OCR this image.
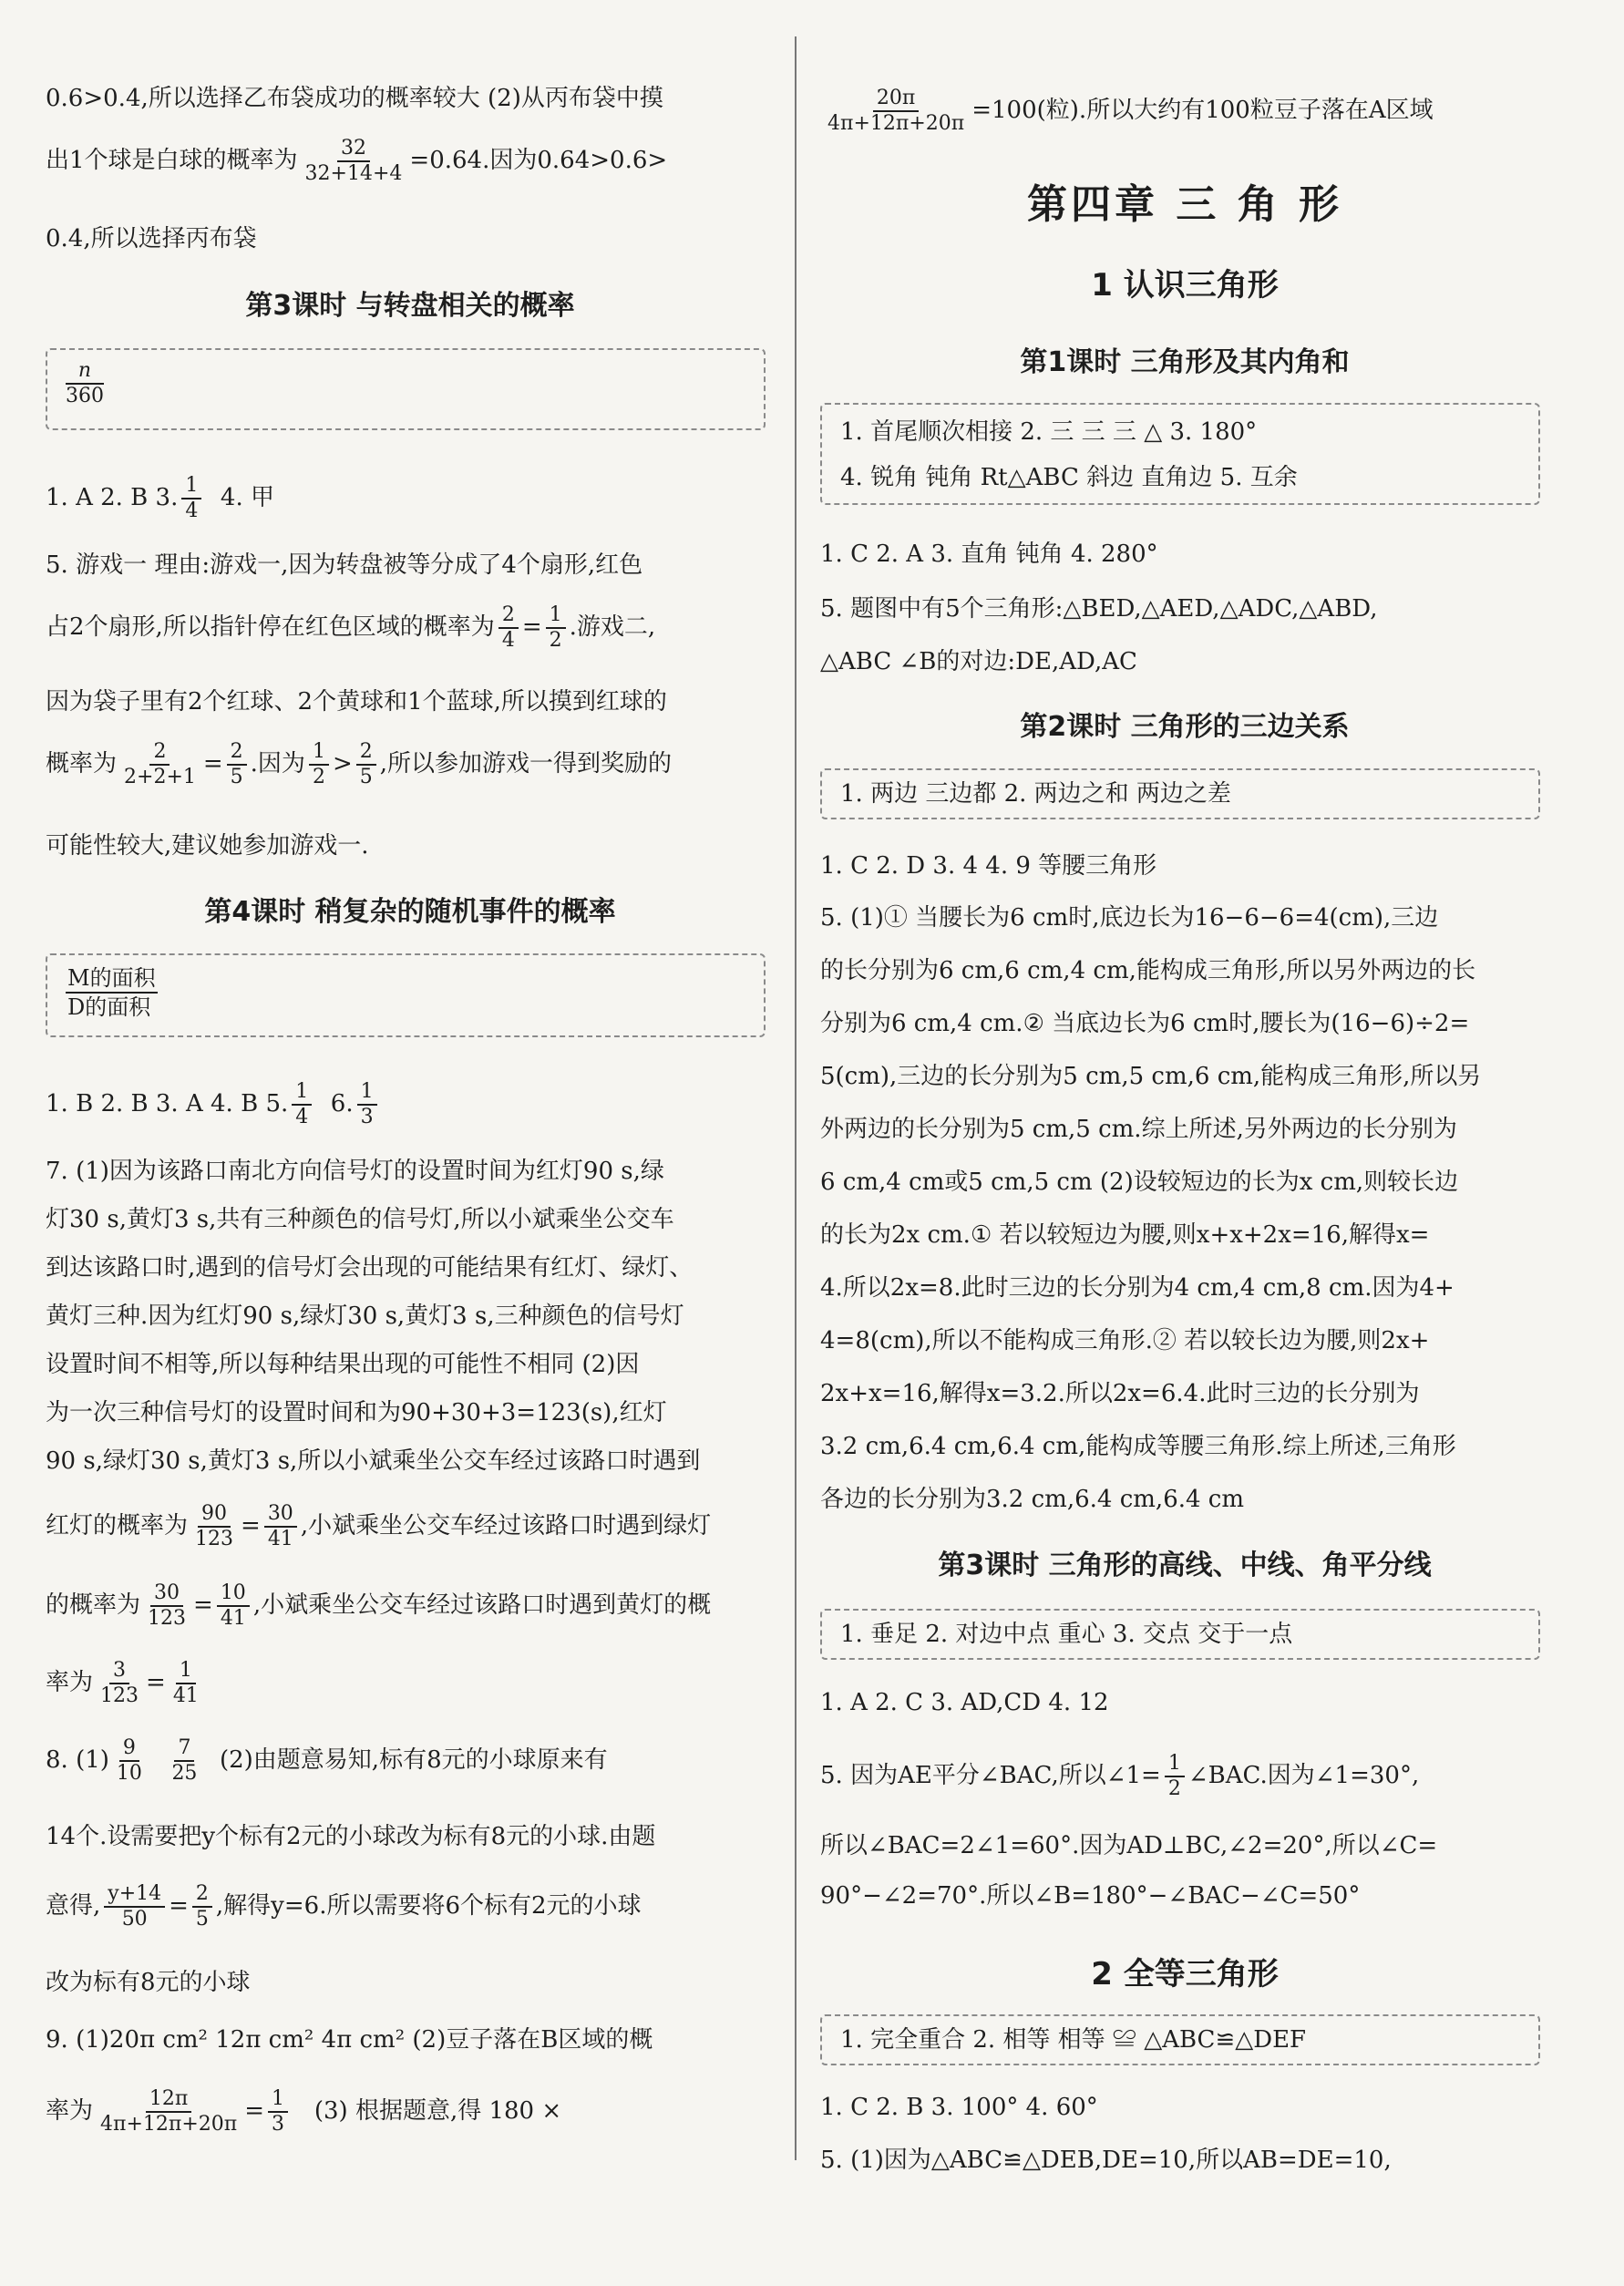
0.6>0.4,所以选择乙布袋成功的概率较大 (2)从丙布袋中摸
出1个球是白球的概率为 $\frac{32}{32+14+4} =0.64$.因为0.64>0.6>
0.4,所以选择丙布袋
第3课时 与转盘相关的概率
n
360
1. A 2. B 3. $\frac{1}{4} 4$. 甲
5. 游戏一 理由:游戏一,因为转盘被等分成了4个扇形,红色
占2个扇形,所以指针停在红色区域的概率为 $\frac{2}{4} = \frac{1}{2}$ .游戏二,
因为袋子里有2个红球、2个黄球和1个蓝球,所以摸到红球的
概率为 $\frac{2}{2+2+1} = \frac{2}{5}$ .因为 $\frac{1}{2} > \frac{2}{5}$ ,所以参加游戏一得到奖励的
可能性较大,建议她参加游戏一.
第4课时 稍复杂的随机事件的概率
M的面积
D的面积
1. B 2. B 3. A 4. B 5. $\frac{1}{4} 6$. $\frac{1}{3}$
7. (1)因为该路口南北方向信号灯的设置时间为红灯90 s,绿
灯30 s,黄灯3 s,共有三种颜色的信号灯,所以小斌乘坐公交车
到达该路口时,遇到的信号灯会出现的可能结果有红灯、绿灯、
黄灯三种.因为红灯90 s,绿灯30 s,黄灯3 s,三种颜色的信号灯
设置时间不相等,所以每种结果出现的可能性不相同 (2)因
为一次三种信号灯的设置时间和为90+30+3=123(s),红灯
90 s,绿灯30 s,黄灯3 s,所以小斌乘坐公交车经过该路口时遇到
红灯的概率为 $\frac{90}{123} = \frac{30}{41}$ ,小斌乘坐公交车经过该路口时遇到绿灯
的概率为 $\frac{30}{123} = \frac{10}{41}$ ,小斌乘坐公交车经过该路口时遇到黄灯的概
率为 $\frac{3}{123} = \frac{1}{41}$
8. $(1) \frac{9}{10}$
$\frac{7}{25} (2)$由题意易知,标有8元的小球原来有
14个.设需要把y个标有2元的小球改为标有8元的小球.由题
意得, $\frac{y+14}{50} = \frac{2}{5}$ ,解得y=6.所以需要将6个标有2元的小球
改为标有8元的小球
9. (1)20π cm² 12π cm² 4π cm² (2)豆子落在B区域的概
率为 $\frac{12\pi}{4\pi+12\pi+20\pi} = \frac{1}{3} (3)$ 根据题意,得 180 ×
$\frac{20\pi}{4\pi+12\pi+20\pi} =100$(粒).所以大约有100粒豆子落在A区域
第四章 三 角 形
1 认识三角形
第1课时 三角形及其内角和
1. 首尾顺次相接 2. 三 三 三 △ 3. 180°
4. 锐角 钝角 Rt△ABC 斜边 直角边 5. 互余
1. C 2. A 3. 直角 钝角 4. 280°
5. 题图中有5个三角形:△BED,△AED,△ADC,△ABD,
△ABC ∠B的对边:DE,AD,AC
第2课时 三角形的三边关系
1. 两边 三边都 2. 两边之和 两边之差
1. C 2. D 3. 4 4. 9 等腰三角形
5. (1)① 当腰长为6 cm时,底边长为16−6−6=4(cm),三边
的长分别为6 cm,6 cm,4 cm,能构成三角形,所以另外两边的长
分别为6 cm,4 cm.② 当底边长为6 cm时,腰长为(16−6)÷2=
5(cm),三边的长分别为5 cm,5 cm,6 cm,能构成三角形,所以另
外两边的长分别为5 cm,5 cm.综上所述,另外两边的长分别为
6 cm,4 cm或5 cm,5 cm (2)设较短边的长为x cm,则较长边
的长为2x cm.① 若以较短边为腰,则x+x+2x=16,解得x=
4.所以2x=8.此时三边的长分别为4 cm,4 cm,8 cm.因为4+
4=8(cm),所以不能构成三角形.② 若以较长边为腰,则2x+
2x+x=16,解得x=3.2.所以2x=6.4.此时三边的长分别为
3.2 cm,6.4 cm,6.4 cm,能构成等腰三角形.综上所述,三角形
各边的长分别为3.2 cm,6.4 cm,6.4 cm
第3课时 三角形的高线、中线、角平分线
1. 垂足 2. 对边中点 重心 3. 交点 交于一点
1. A 2. C 3. AD,CD 4. 12
5. 因为AE平分∠BAC,所以∠1= $\frac{1}{2}$ ∠BAC.因为∠1=30°,
所以∠BAC=2∠1=60°.因为AD⊥BC,∠2=20°,所以∠C=
90°−∠2=70°.所以∠B=180°−∠BAC−∠C=50°
2 全等三角形
1. 完全重合 2. 相等 相等 ≌ △ABC≌△DEF
1. C 2. B 3. 100° 4. 60°
5. (1)因为△ABC≌△DEB,DE=10,所以AB=DE=10,
